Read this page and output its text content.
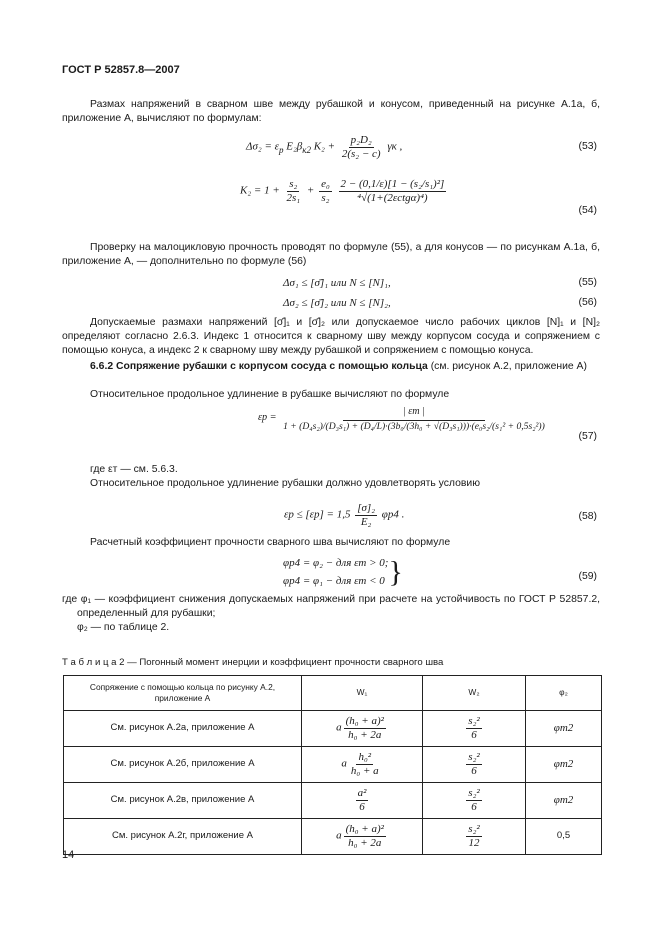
ГОСТ Р 52857.8—2007
Размах напряжений в сварном шве между рубашкой и конусом, приведенный на рисунке А.1а, б, приложение А, вычисляют по формулам:
$\Delta\sigma_2 = \varepsilon_p$ $E_2\beta_{к2}$ $K_2 + \frac{\text{p₂D₂}}{\text{2(s₂ − c)}}$ γк ,	(53)
$K_2 = 1 + \frac{\text{s₂}}{\text{2s₁}} + \frac{\text{e₀}}{\text{s₂}}$
$\frac{\text{2 − (0,1/ε)[1 − (s₂/s₁)²]}}{\text{⁴√(1+(2εctgα)⁴)}}$
(54)
Проверку на малоцикловую прочность проводят по формуле (55), а для конусов — по рисункам А.1а, б, приложение А, — дополнительно по формуле (56)
Δσ₁ ≤ [σ̄]₁ или N ≤ [N]₁,	(55)
Δσ₂ ≤ [σ̄]₂ или N ≤ [N]₂,	(56)
Допускаемые размахи напряжений [σ̄]₁ и [σ̄]₂ или допускаемое число рабочих циклов [N]₁ и [N]₂ определяют согласно 2.6.3. Индекс 1 относится к сварному шву между корпусом сосуда и сопряжением с помощью конуса, а индекс 2 к сварному шву между рубашкой и сопряжением с помощью конуса.
6.6.2 Сопряжение рубашки с корпусом сосуда с помощью кольца (см. рисунок А.2, приложение А)
Относительное продольное удлинение в рубашке вычисляют по формуле
εp =
| εт |
1 + (D₄s₂)/(D₃s₁) + (D₄/L)·(3b₀/(3h₀ + √(D₃s₁)))·(e₀s₂/(s₁² + 0,5s₂²))
(57)
где εт — см. 5.6.3.
Относительное продольное удлинение рубашки должно удовлетворять условию
$\varepsilon p \le [\varepsilon p] = 1,5 \frac{\text{[σ]₂}}{\text{E₂}} \varphi p4$ .	(58)
Расчетный коэффициент прочности сварного шва вычисляют по формуле
φp4 = φ₂ − для εт > 0;
φp4 = φ₁ − для εт < 0 }	(59)
где φ₁ — коэффициент снижения допускаемых напряжений при расчете на устойчивость по ГОСТ Р 52857.2, определенный для рубашки;
φ₂ — по таблице 2.
Т а б л и ц а 2 — Погонный момент инерции и коэффициент прочности сварного шва
Сопряжение с помощью кольца по рисунку А.2, приложение А	W₁	W₂	φ₂
См. рисунок А.2а, приложение А	a $\frac{\text{(h₀ + a)²}}{\text{h₀ + 2a}}$	$\frac{\text{s₂²}}{6}$	φт2
См. рисунок А.2б, приложение А	a $\frac{\text{h₀²}}{\text{h₀ + a}}$	$\frac{\text{s₂²}}{6}$	φт2
См. рисунок А.2в, приложение А	$\frac{\text{a²}}{6}$	$\frac{\text{s₂²}}{6}$	φт2
См. рисунок А.2г, приложение А	a $\frac{\text{(h₀ + a)²}}{\text{h₀ + 2a}}$	$\frac{\text{s₂²}}{12}$	0,5
14
